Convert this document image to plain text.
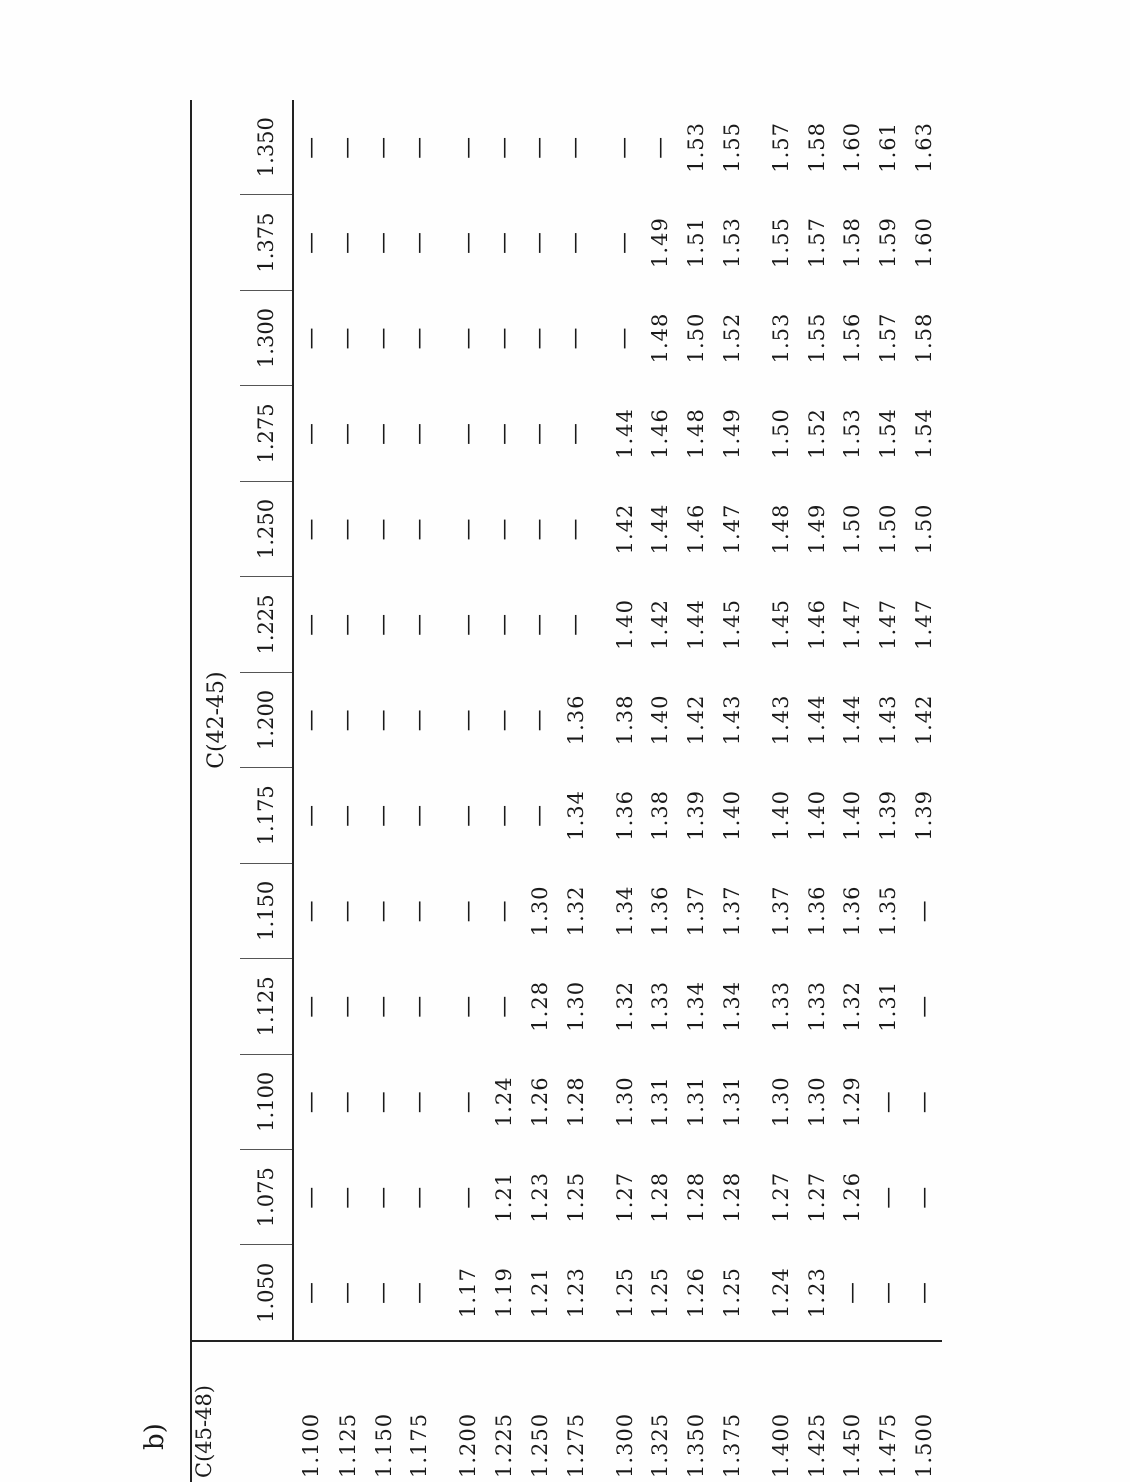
b) C(45-48)	C(42-45)												
	1.050	1.075	1.100	1.125	1.150	1.175	1.200	1.225	1.250	1.275	1.300	1.375	1.350
1.100	—	—	—	—	—	—	—	—	—	—	—	—	—
1.125	—	—	—	—	—	—	—	—	—	—	—	—	—
1.150	—	—	—	—	—	—	—	—	—	—	—	—	—
1.175	—	—	—	—	—	—	—	—	—	—	—	—	—

1.200	1.17	—	—	—	—	—	—	—	—	—	—	—	—
1.225	1.19	1.21	1.24	—	—	—	—	—	—	—	—	—	—
1.250	1.21	1.23	1.26	1.28	1.30	—	—	—	—	—	—	—	—
1.275	1.23	1.25	1.28	1.30	1.32	1.34	1.36	—	—	—	—	—	—

1.300	1.25	1.27	1.30	1.32	1.34	1.36	1.38	1.40	1.42	1.44	—	—	—
1.325	1.25	1.28	1.31	1.33	1.36	1.38	1.40	1.42	1.44	1.46	1.48	1.49	—
1.350	1.26	1.28	1.31	1.34	1.37	1.39	1.42	1.44	1.46	1.48	1.50	1.51	1.53
1.375	1.25	1.28	1.31	1.34	1.37	1.40	1.43	1.45	1.47	1.49	1.52	1.53	1.55

1.400	1.24	1.27	1.30	1.33	1.37	1.40	1.43	1.45	1.48	1.50	1.53	1.55	1.57
1.425	1.23	1.27	1.30	1.33	1.36	1.40	1.44	1.46	1.49	1.52	1.55	1.57	1.58
1.450	—	1.26	1.29	1.32	1.36	1.40	1.44	1.47	1.50	1.53	1.56	1.58	1.60
1.475	—	—	—	1.31	1.35	1.39	1.43	1.47	1.50	1.54	1.57	1.59	1.61
1.500	—	—	—	—	—	1.39	1.42	1.47	1.50	1.54	1.58	1.60	1.63
